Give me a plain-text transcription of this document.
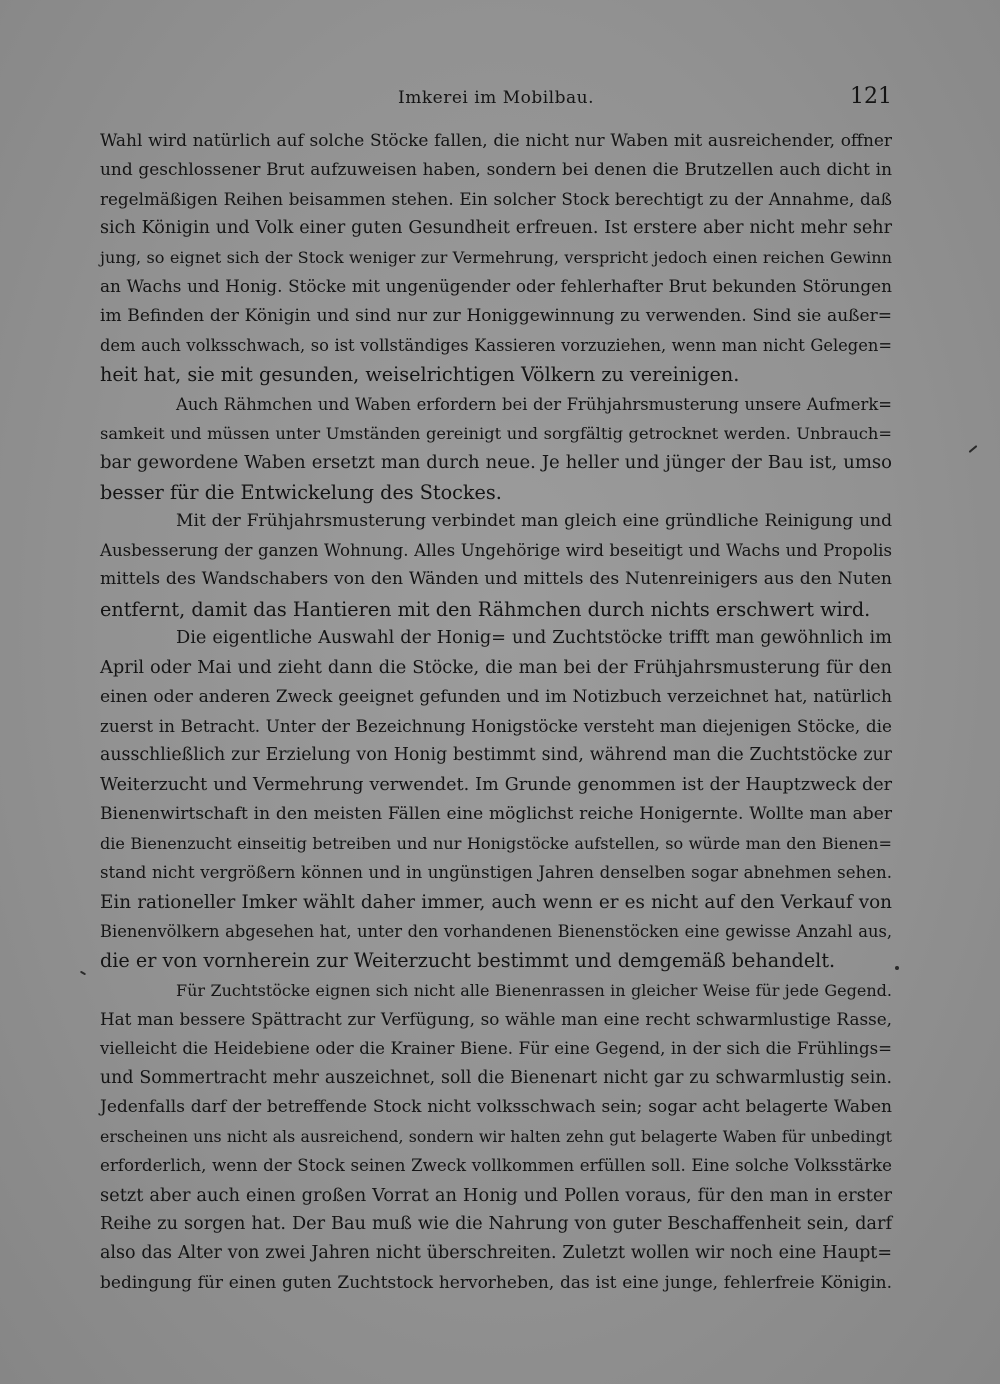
Imkerei im Mobilbau.	121
Wahl wird natürlich auf solche Stöcke fallen, die nicht nur Waben mit ausreichender, offner
und geschlossener Brut aufzuweisen haben, sondern bei denen die Brutzellen auch dicht in
regelmäßigen Reihen beisammen stehen. Ein solcher Stock berechtigt zu der Annahme, daß
sich Königin und Volk einer guten Gesundheit erfreuen. Ist erstere aber nicht mehr sehr
jung, so eignet sich der Stock weniger zur Vermehrung, verspricht jedoch einen reichen Gewinn
an Wachs und Honig. Stöcke mit ungenügender oder fehlerhafter Brut bekunden Störungen
im Befinden der Königin und sind nur zur Honiggewinnung zu verwenden. Sind sie außer=
dem auch volksschwach, so ist vollständiges Kassieren vorzuziehen, wenn man nicht Gelegen=
heit hat, sie mit gesunden, weiselrichtigen Völkern zu vereinigen.
Auch Rähmchen und Waben erfordern bei der Frühjahrsmusterung unsere Aufmerk=
samkeit und müssen unter Umständen gereinigt und sorgfältig getrocknet werden. Unbrauch=
bar gewordene Waben ersetzt man durch neue. Je heller und jünger der Bau ist, umso
besser für die Entwickelung des Stockes.
Mit der Frühjahrsmusterung verbindet man gleich eine gründliche Reinigung und
Ausbesserung der ganzen Wohnung. Alles Ungehörige wird beseitigt und Wachs und Propolis
mittels des Wandschabers von den Wänden und mittels des Nutenreinigers aus den Nuten
entfernt, damit das Hantieren mit den Rähmchen durch nichts erschwert wird.
Die eigentliche Auswahl der Honig= und Zuchtstöcke trifft man gewöhnlich im
April oder Mai und zieht dann die Stöcke, die man bei der Frühjahrsmusterung für den
einen oder anderen Zweck geeignet gefunden und im Notizbuch verzeichnet hat, natürlich
zuerst in Betracht. Unter der Bezeichnung Honigstöcke versteht man diejenigen Stöcke, die
ausschließlich zur Erzielung von Honig bestimmt sind, während man die Zuchtstöcke zur
Weiterzucht und Vermehrung verwendet. Im Grunde genommen ist der Hauptzweck der
Bienenwirtschaft in den meisten Fällen eine möglichst reiche Honigernte. Wollte man aber
die Bienenzucht einseitig betreiben und nur Honigstöcke aufstellen, so würde man den Bienen=
stand nicht vergrößern können und in ungünstigen Jahren denselben sogar abnehmen sehen.
Ein rationeller Imker wählt daher immer, auch wenn er es nicht auf den Verkauf von
Bienenvölkern abgesehen hat, unter den vorhandenen Bienenstöcken eine gewisse Anzahl aus,
die er von vornherein zur Weiterzucht bestimmt und demgemäß behandelt.
Für Zuchtstöcke eignen sich nicht alle Bienenrassen in gleicher Weise für jede Gegend.
Hat man bessere Spättracht zur Verfügung, so wähle man eine recht schwarmlustige Rasse,
vielleicht die Heidebiene oder die Krainer Biene. Für eine Gegend, in der sich die Frühlings=
und Sommertracht mehr auszeichnet, soll die Bienenart nicht gar zu schwarmlustig sein.
Jedenfalls darf der betreffende Stock nicht volksschwach sein; sogar acht belagerte Waben
erscheinen uns nicht als ausreichend, sondern wir halten zehn gut belagerte Waben für unbedingt
erforderlich, wenn der Stock seinen Zweck vollkommen erfüllen soll. Eine solche Volksstärke
setzt aber auch einen großen Vorrat an Honig und Pollen voraus, für den man in erster
Reihe zu sorgen hat. Der Bau muß wie die Nahrung von guter Beschaffenheit sein, darf
also das Alter von zwei Jahren nicht überschreiten. Zuletzt wollen wir noch eine Haupt=
bedingung für einen guten Zuchtstock hervorheben, das ist eine junge, fehlerfreie Königin.
